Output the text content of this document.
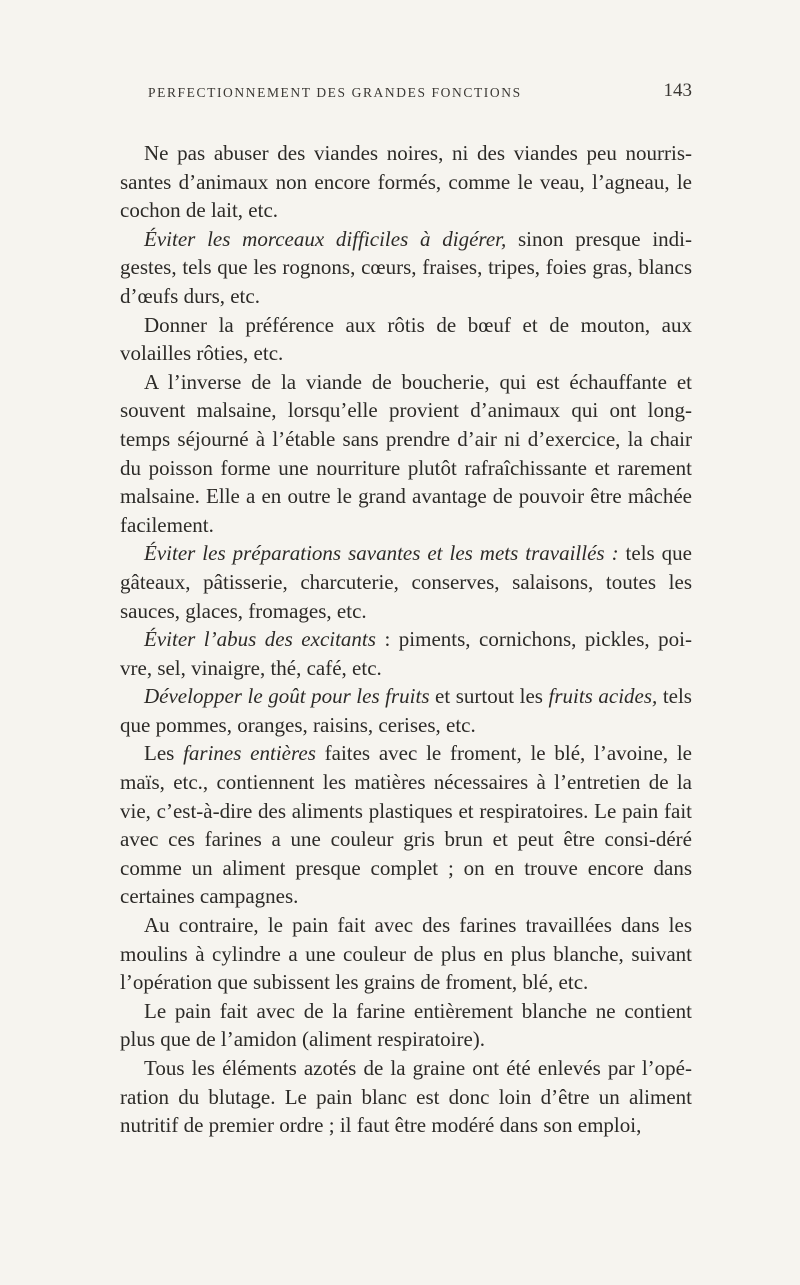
PERFECTIONNEMENT DES GRANDES FONCTIONS	143

Ne pas abuser des viandes noires, ni des viandes peu nourris-santes d’animaux non encore formés, comme le veau, l’agneau, le cochon de lait, etc.

Éviter les morceaux difficiles à digérer, sinon presque indi-gestes, tels que les rognons, cœurs, fraises, tripes, foies gras, blancs d’œufs durs, etc.

Donner la préférence aux rôtis de bœuf et de mouton, aux volailles rôties, etc.

A l’inverse de la viande de boucherie, qui est échauffante et souvent malsaine, lorsqu’elle provient d’animaux qui ont long-temps séjourné à l’étable sans prendre d’air ni d’exercice, la chair du poisson forme une nourriture plutôt rafraîchissante et rarement malsaine. Elle a en outre le grand avantage de pouvoir être mâchée facilement.

Éviter les préparations savantes et les mets travaillés : tels que gâteaux, pâtisserie, charcuterie, conserves, salaisons, toutes les sauces, glaces, fromages, etc.

Éviter l’abus des excitants : piments, cornichons, pickles, poi-vre, sel, vinaigre, thé, café, etc.

Développer le goût pour les fruits et surtout les fruits acides, tels que pommes, oranges, raisins, cerises, etc.

Les farines entières faites avec le froment, le blé, l’avoine, le maïs, etc., contiennent les matières nécessaires à l’entretien de la vie, c’est-à-dire des aliments plastiques et respiratoires. Le pain fait avec ces farines a une couleur gris brun et peut être consi-déré comme un aliment presque complet ; on en trouve encore dans certaines campagnes.

Au contraire, le pain fait avec des farines travaillées dans les moulins à cylindre a une couleur de plus en plus blanche, suivant l’opération que subissent les grains de froment, blé, etc.

Le pain fait avec de la farine entièrement blanche ne contient plus que de l’amidon (aliment respiratoire).

Tous les éléments azotés de la graine ont été enlevés par l’opé-ration du blutage. Le pain blanc est donc loin d’être un aliment nutritif de premier ordre ; il faut être modéré dans son emploi,
